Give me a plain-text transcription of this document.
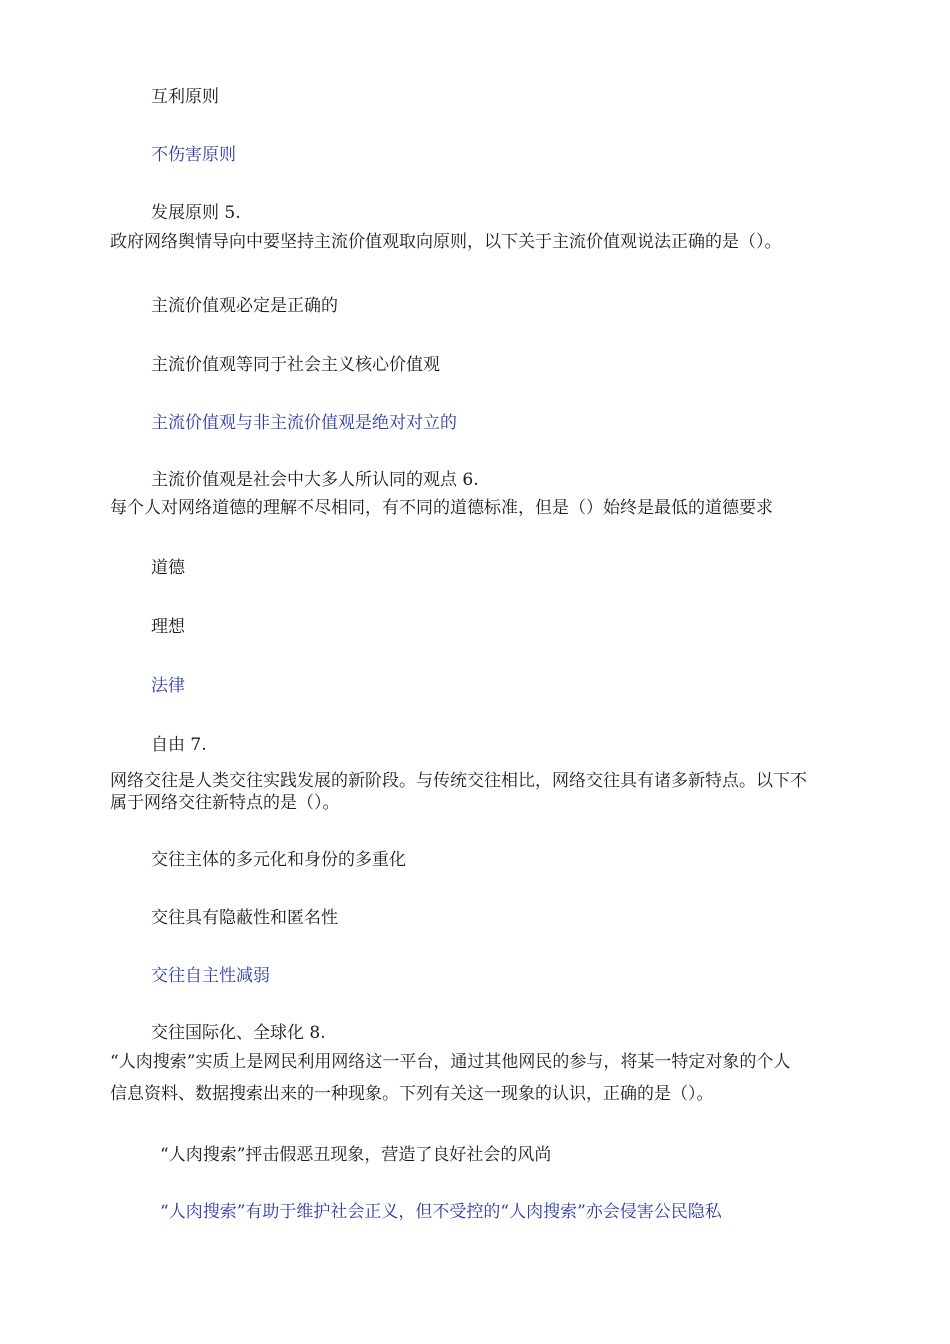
互利原则
不伤害原则
发展原则 5.
政府网络舆情导向中要坚持主流价值观取向原则，以下关于主流价值观说法正确的是（）。
主流价值观必定是正确的
主流价值观等同于社会主义核心价值观
主流价值观与非主流价值观是绝对对立的
主流价值观是社会中大多人所认同的观点 6.
每个人对网络道德的理解不尽相同，有不同的道德标准，但是（）始终是最低的道德要求
道德
理想
法律
自由 7.
网络交往是人类交往实践发展的新阶段。与传统交往相比，网络交往具有诸多新特点。以下不
属于网络交往新特点的是（）。
交往主体的多元化和身份的多重化
交往具有隐蔽性和匿名性
交往自主性减弱
交往国际化、全球化 8.
“人肉搜索”实质上是网民利用网络这一平台，通过其他网民的参与，将某一特定对象的个人
信息资料、数据搜索出来的一种现象。下列有关这一现象的认识，正确的是（）。
“人肉搜索”抨击假恶丑现象，营造了良好社会的风尚
“人肉搜索”有助于维护社会正义，但不受控的“人肉搜索”亦会侵害公民隐私
